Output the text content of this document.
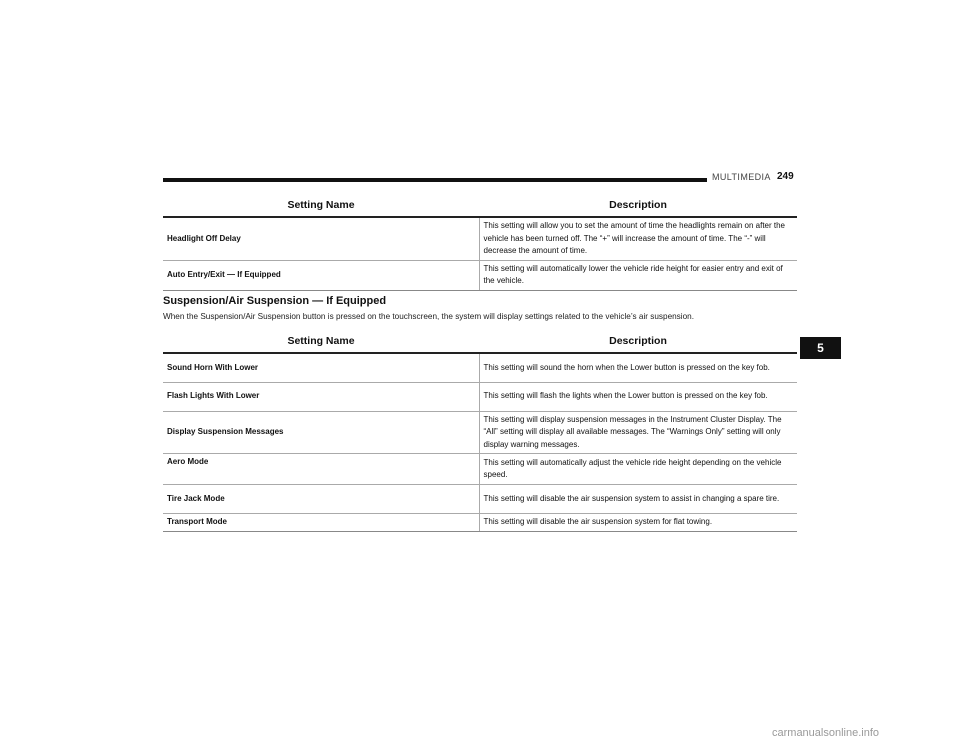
MULTIMEDIA 249
5
Setting Name	Description
Headlight Off Delay	This setting will allow you to set the amount of time the headlights remain on after the vehicle has been turned off. The “+” will increase the amount of time. The “-” will decrease the amount of time.
Auto Entry/Exit — If Equipped	This setting will automatically lower the vehicle ride height for easier entry and exit of the vehicle.
Suspension/Air Suspension — If Equipped
When the Suspension/Air Suspension button is pressed on the touchscreen, the system will display settings related to the vehicle’s air suspension.
Setting Name	Description
Sound Horn With Lower	This setting will sound the horn when the Lower button is pressed on the key fob.
Flash Lights With Lower	This setting will flash the lights when the Lower button is pressed on the key fob.
Display Suspension Messages	This setting will display suspension messages in the Instrument Cluster Display. The “All” setting will display all available messages. The “Warnings Only” setting will only display warning messages.
Aero Mode	This setting will automatically adjust the vehicle ride height depending on the vehicle speed.
Tire Jack Mode	This setting will disable the air suspension system to assist in changing a spare tire.
Transport Mode	This setting will disable the air suspension system for flat towing.
carmanualsonline.info
